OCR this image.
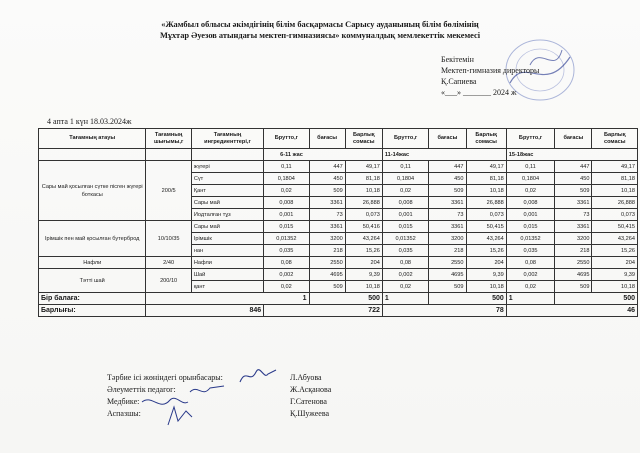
«Жамбыл облысы әкімдігінің білім басқармасы Сарысу ауданының білім бөлімінің
Мұхтар Әуезов атындағы мектеп-гимназиясы» коммуналдық мемлекеттік мекемесі
Бекітемін
Мектеп-гимназия директоры
Қ.Сапиева
«___» _______ 2024 ж
4 апта 1 күн 18.03.2024ж
Тағамның атауы	Тағамның шығымы,г	Тағамның ингредиенттері,г	Брутто,г	бағасы	Барлық сомасы	Брутто,г	бағасы	Барлық сомасы	Брутто,г	бағасы	Барлық сомасы
			6-11 жас			11-14жас			15-18жас		
Сары май қосылған сүтке пісген жүгері боткасы	200/5	жүгері	0,11	447	49,17	0,11	447	49,17	0,11	447	49,17
		Сүт	0,1804	450	81,18	0,1804	450	81,18	0,1804	450	81,18
		Қант	0,02	509	10,18	0,02	509	10,18	0,02	509	10,18
		Сары май	0,008	3361	26,888	0,008	3361	26,888	0,008	3361	26,888
		Иодталған тұз	0,001	73	0,073	0,001	73	0,073	0,001	73	0,073
Ірімшік пен май қосылған бутерброд	10/10/35	Сары май	0,015	3361	50,416	0,015	3361	50,415	0,015	3361	50,415
		Ірімшік	0,01352	3200	43,264	0,01352	3200	43,264	0,01352	3200	43,264
		нан	0,035	218	15,26	0,035	218	15,26	0,035	218	15,26
Нафли	2/40	Нафли	0,08	2550	204	0,08	2550	204	0,08	2550	204
Тәтті шай	200/10	Шай	0,002	4695	9,39	0,002	4695	9,39	0,002	4695	9,39
		қант	0,02	509	10,18	0,02	509	10,18	0,02	509	10,18
Бір балаға:	1			500		1	500		1	500	
Барлығы:	846		722			78			46		
Тәрбие ісі жөніндегі орынбасары:
Әлеуметтік педагог:
Медбике:
Аспазшы:
Л.Абуова
Ж.Асқанова
Г.Сатенова
Қ.Шужеева
